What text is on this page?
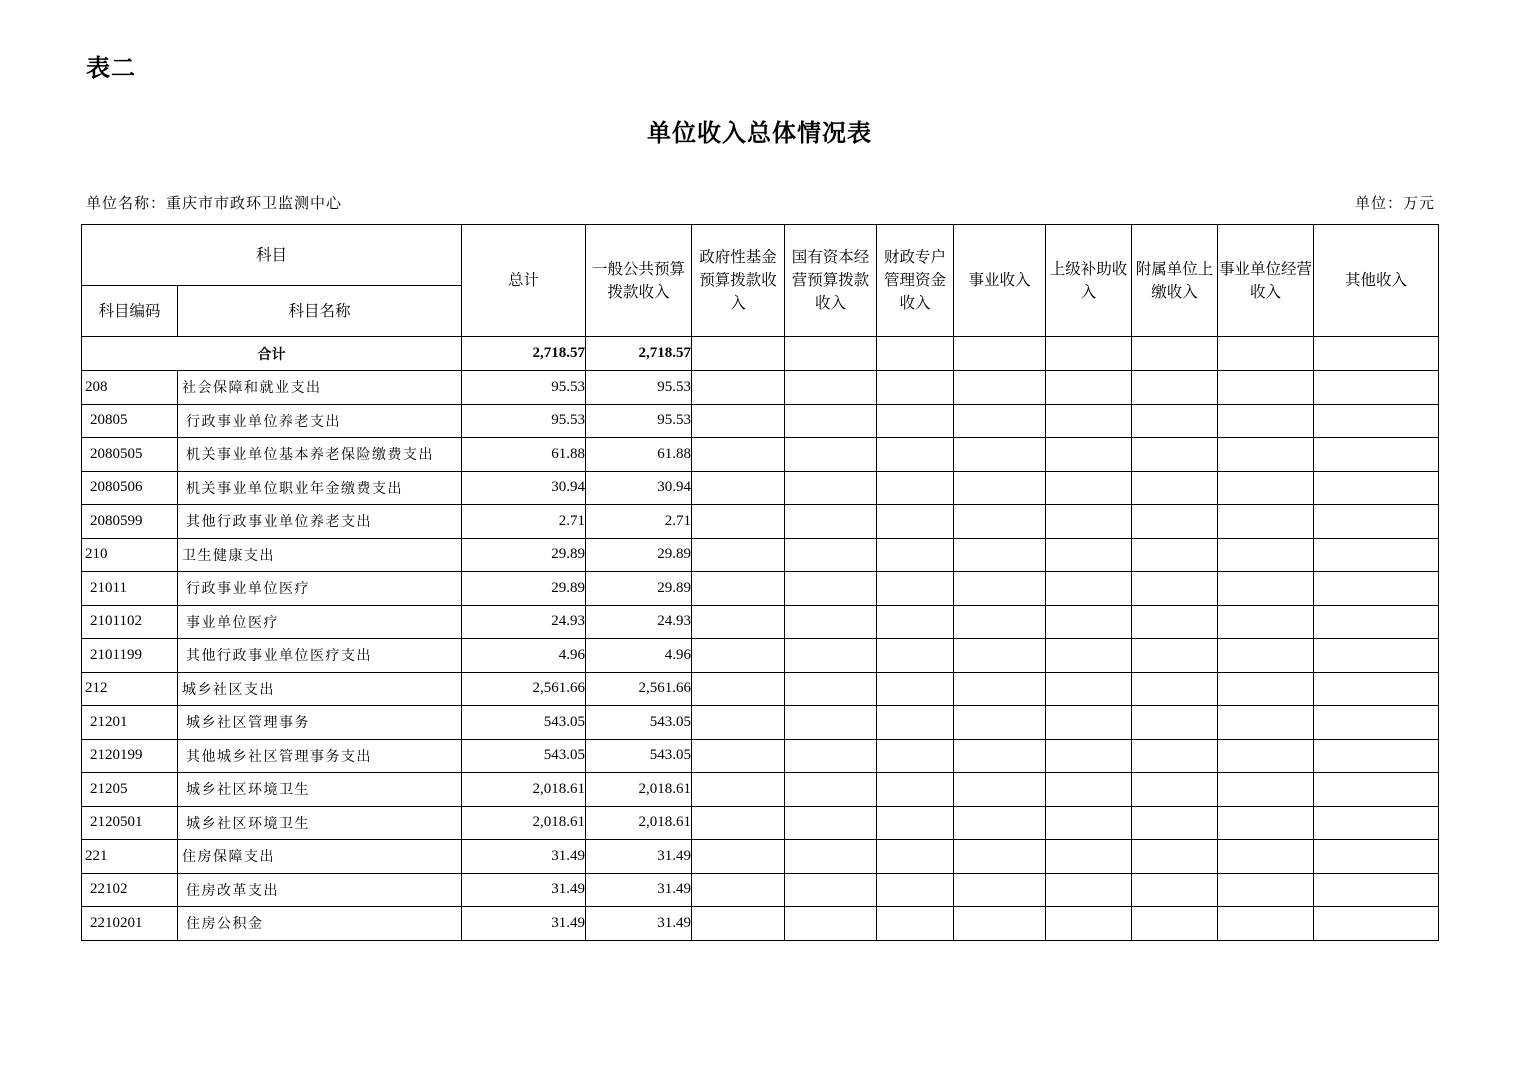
表二
单位收入总体情况表
单位名称：重庆市市政环卫监测中心	单位：万元
科目		总计	一般公共预算拨款收入	政府性基金预算拨款收入	国有资本经营预算拨款收入	财政专户管理资金收入	事业收入	上级补助收入	附属单位上缴收入	事业单位经营收入	其他收入
科目编码	科目名称										
合计		2,718.57	2,718.57								
208	社会保障和就业支出	95.53	95.53								
20805	行政事业单位养老支出	95.53	95.53								
2080505	机关事业单位基本养老保险缴费支出	61.88	61.88								
2080506	机关事业单位职业年金缴费支出	30.94	30.94								
2080599	其他行政事业单位养老支出	2.71	2.71								
210	卫生健康支出	29.89	29.89								
21011	行政事业单位医疗	29.89	29.89								
2101102	事业单位医疗	24.93	24.93								
2101199	其他行政事业单位医疗支出	4.96	4.96								
212	城乡社区支出	2,561.66	2,561.66								
21201	城乡社区管理事务	543.05	543.05								
2120199	其他城乡社区管理事务支出	543.05	543.05								
21205	城乡社区环境卫生	2,018.61	2,018.61								
2120501	城乡社区环境卫生	2,018.61	2,018.61								
221	住房保障支出	31.49	31.49								
22102	住房改革支出	31.49	31.49								
2210201	住房公积金	31.49	31.49								
